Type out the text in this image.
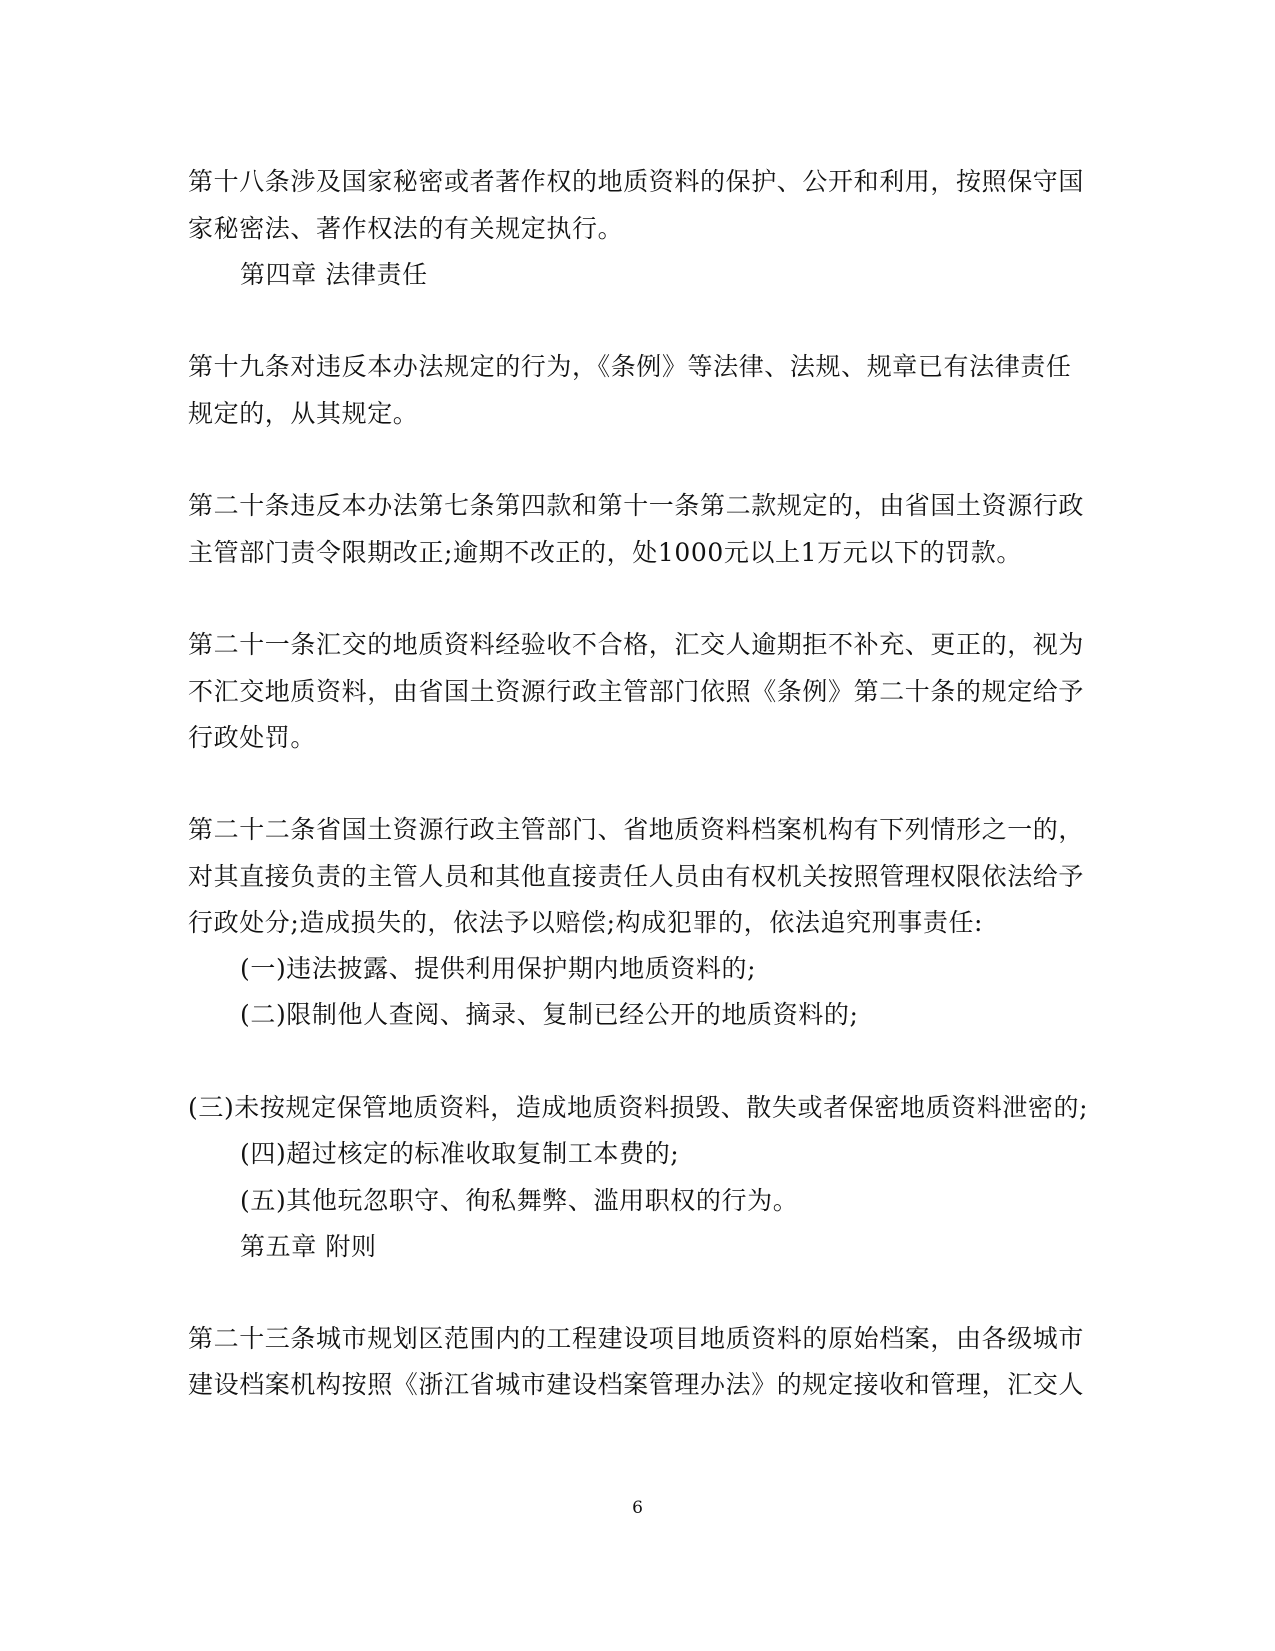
第十八条涉及国家秘密或者著作权的地质资料的保护、公开和利用，按照保守国
家秘密法、著作权法的有关规定执行。
第四章 法律责任
第十九条对违反本办法规定的行为，《条例》等法律、法规、规章已有法律责任
规定的，从其规定。
第二十条违反本办法第七条第四款和第十一条第二款规定的，由省国土资源行政
主管部门责令限期改正;逾期不改正的，处1000元以上1万元以下的罚款。
第二十一条汇交的地质资料经验收不合格，汇交人逾期拒不补充、更正的，视为
不汇交地质资料，由省国土资源行政主管部门依照《条例》第二十条的规定给予
行政处罚。
第二十二条省国土资源行政主管部门、省地质资料档案机构有下列情形之一的，
对其直接负责的主管人员和其他直接责任人员由有权机关按照管理权限依法给予
行政处分;造成损失的，依法予以赔偿;构成犯罪的，依法追究刑事责任:
(一)违法披露、提供利用保护期内地质资料的;
(二)限制他人查阅、摘录、复制已经公开的地质资料的;
(三)未按规定保管地质资料，造成地质资料损毁、散失或者保密地质资料泄密的;
(四)超过核定的标准收取复制工本费的;
(五)其他玩忽职守、徇私舞弊、滥用职权的行为。
第五章 附则
第二十三条城市规划区范围内的工程建设项目地质资料的原始档案，由各级城市
建设档案机构按照《浙江省城市建设档案管理办法》的规定接收和管理，汇交人
6
